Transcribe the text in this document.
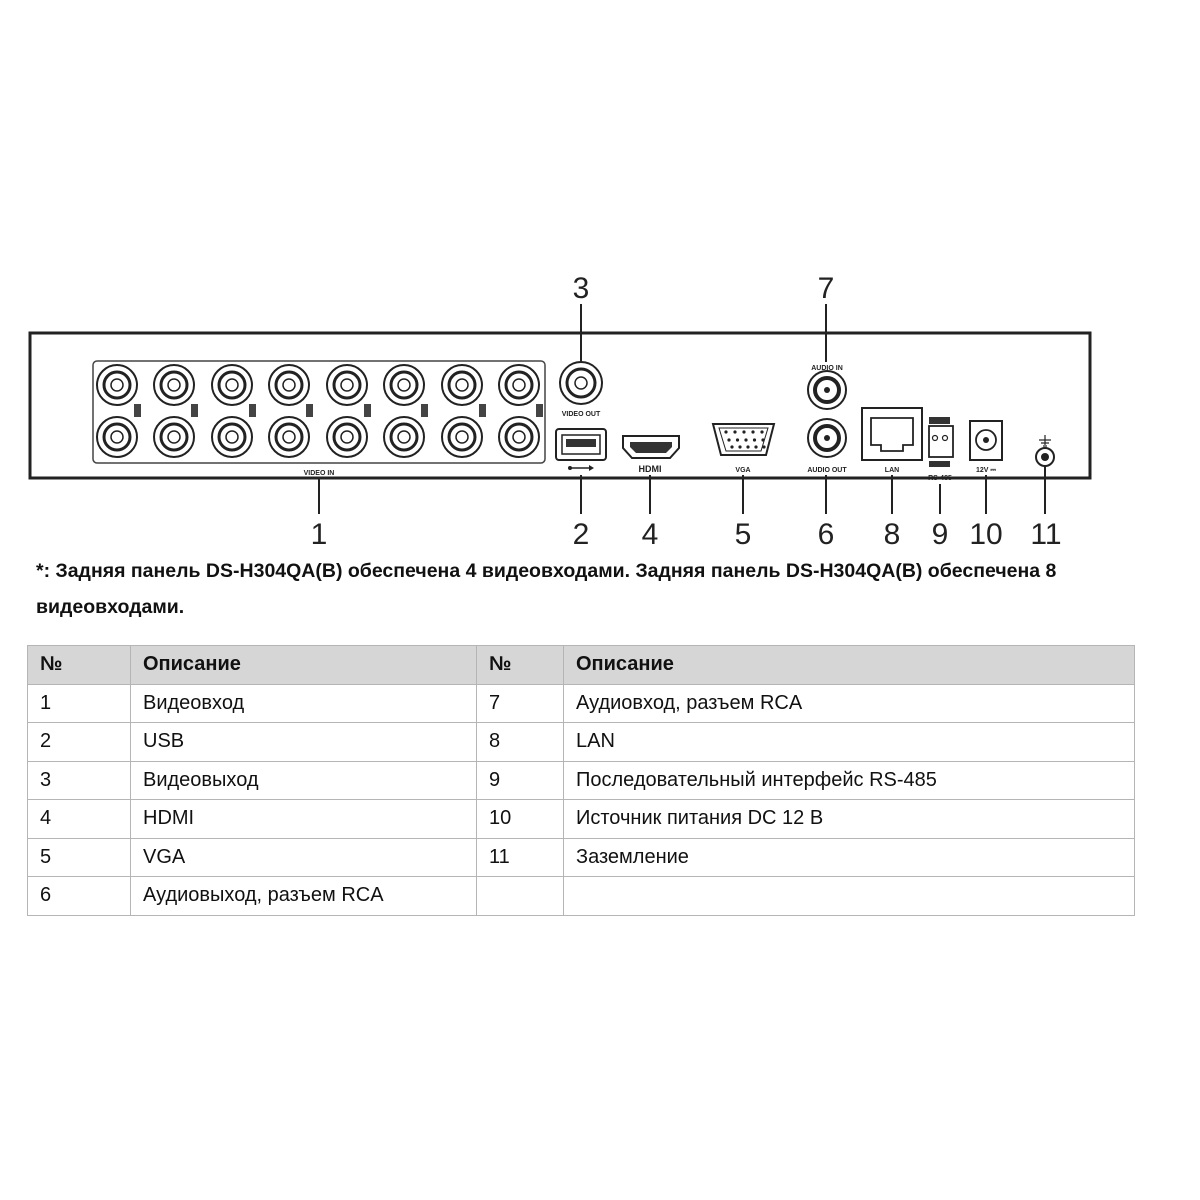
VIDEO IN
VIDEO OUT
HDMI	VGA
AUDIO IN
AUDIO OUT	LAN
RS-485
12V ⎓
1	2
3
4	5 6
7
8 9 10 11

*: Задняя панель DS-H304QA(B) обеспечена 4 видеовходами. Задняя панель DS-H304QA(B) обеспечена 8 видеовходами.

№	Описание	№	Описание
1	Видеовход	7	Аудиовход, разъем RCA
2	USB	8	LAN
3	Видеовыход	9	Последовательный интерфейс RS-485
4	HDMI	10	Источник питания DC 12 В
5	VGA	11	Заземление
6	Аудиовыход, разъем RCA		
